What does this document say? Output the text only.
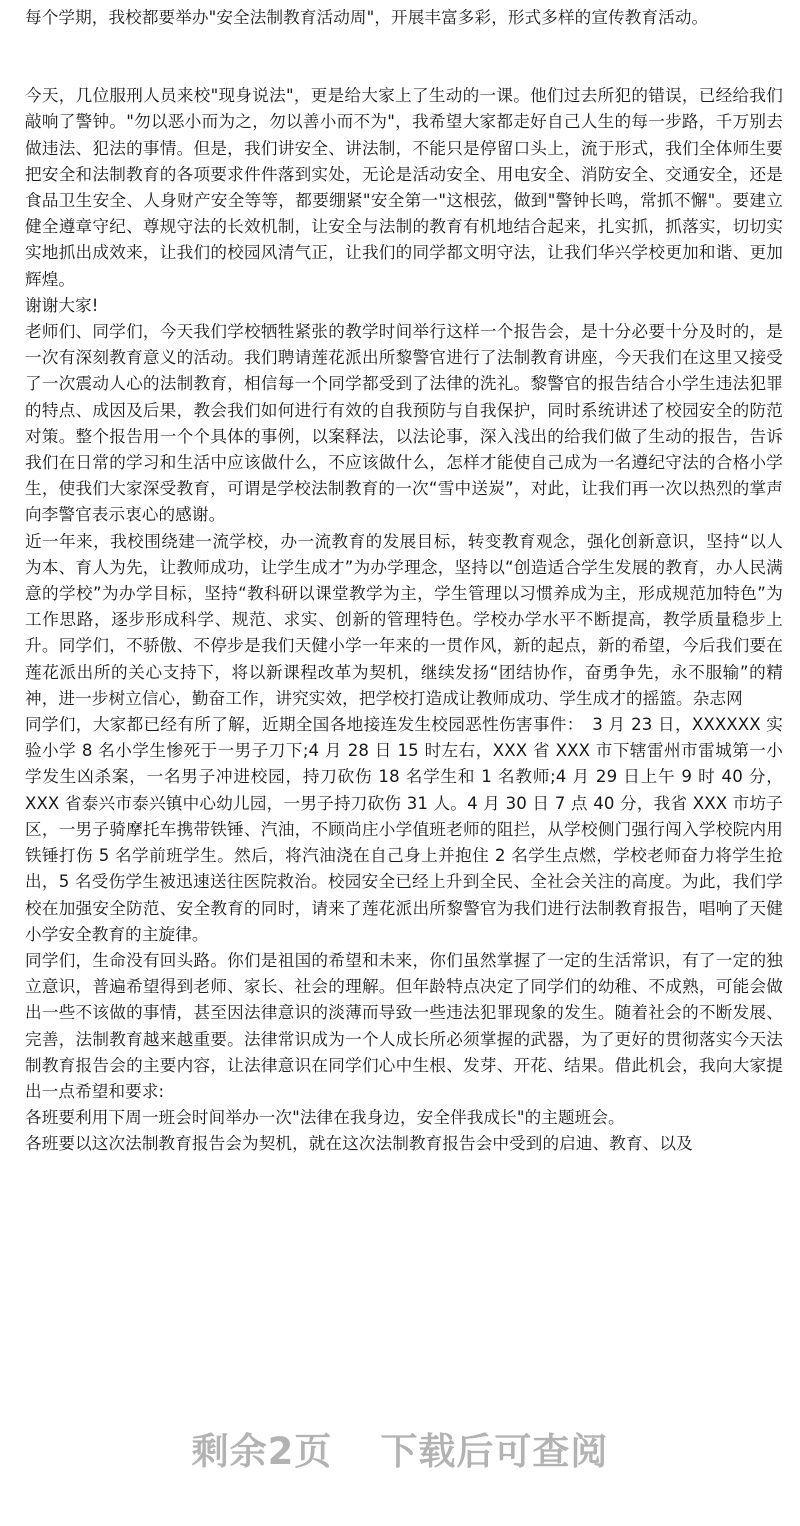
每个学期，我校都要举办"安全法制教育活动周"，开展丰富多彩，形式多样的宣传教育活动。

今天，几位服刑人员来校"现身说法"，更是给大家上了生动的一课。他们过去所犯的错误，已经给我们敲响了警钟。"勿以恶小而为之，勿以善小而不为"，我希望大家都走好自己人生的每一步路，千万别去做违法、犯法的事情。但是，我们讲安全、讲法制，不能只是停留口头上，流于形式，我们全体师生要把安全和法制教育的各项要求件件落到实处，无论是活动安全、用电安全、消防安全、交通安全，还是食品卫生安全、人身财产安全等等，都要绷紧"安全第一"这根弦，做到"警钟长鸣，常抓不懈"。要建立健全遵章守纪、尊规守法的长效机制，让安全与法制的教育有机地结合起来，扎实抓，抓落实，切切实实地抓出成效来，让我们的校园风清气正，让我们的同学都文明守法，让我们华兴学校更加和谐、更加辉煌。

谢谢大家!

老师们、同学们，今天我们学校牺牲紧张的教学时间举行这样一个报告会，是十分必要十分及时的，是一次有深刻教育意义的活动。我们聘请莲花派出所黎警官进行了法制教育讲座，今天我们在这里又接受了一次震动人心的法制教育，相信每一个同学都受到了法律的洗礼。黎警官的报告结合小学生违法犯罪的特点、成因及后果，教会我们如何进行有效的自我预防与自我保护，同时系统讲述了校园安全的防范对策。整个报告用一个个具体的事例，以案释法，以法论事，深入浅出的给我们做了生动的报告，告诉我们在日常的学习和生活中应该做什么，不应该做什么，怎样才能使自己成为一名遵纪守法的合格小学生，使我们大家深受教育，可谓是学校法制教育的一次“雪中送炭”，对此，让我们再一次以热烈的掌声向李警官表示衷心的感谢。

近一年来，我校围绕建一流学校，办一流教育的发展目标，转变教育观念，强化创新意识，坚持“以人为本、育人为先，让教师成功，让学生成才”为办学理念，坚持以“创造适合学生发展的教育，办人民满意的学校”为办学目标，坚持“教科研以课堂教学为主，学生管理以习惯养成为主，形成规范加特色”为工作思路，逐步形成科学、规范、求实、创新的管理特色。学校办学水平不断提高，教学质量稳步上升。同学们，不骄傲、不停步是我们天健小学一年来的一贯作风，新的起点，新的希望，今后我们要在莲花派出所的关心支持下，将以新课程改革为契机，继续发扬“团结协作，奋勇争先，永不服输”的精神，进一步树立信心，勤奋工作，讲究实效，把学校打造成让教师成功、学生成才的摇篮。杂志网

同学们，大家都已经有所了解，近期全国各地接连发生校园恶性伤害事件：　3 月 23 日，XXXXXX 实验小学 8 名小学生惨死于一男子刀下;4 月 28 日 15 时左右，XXX 省 XXX 市下辖雷州市雷城第一小学发生凶杀案，一名男子冲进校园，持刀砍伤 18 名学生和 1 名教师;4 月 29 日上午 9 时 40 分，XXX 省泰兴市泰兴镇中心幼儿园，一男子持刀砍伤 31 人。4 月 30 日 7 点 40 分，我省 XXX 市坊子区，一男子骑摩托车携带铁锤、汽油，不顾尚庄小学值班老师的阻拦，从学校侧门强行闯入学校院内用铁锤打伤 5 名学前班学生。然后，将汽油浇在自己身上并抱住 2 名学生点燃，学校老师奋力将学生抢出，5 名受伤学生被迅速送往医院救治。校园安全已经上升到全民、全社会关注的高度。为此，我们学校在加强安全防范、安全教育的同时，请来了莲花派出所黎警官为我们进行法制教育报告，唱响了天健小学安全教育的主旋律。

同学们，生命没有回头路。你们是祖国的希望和未来，你们虽然掌握了一定的生活常识，有了一定的独立意识，普遍希望得到老师、家长、社会的理解。但年龄特点决定了同学们的幼稚、不成熟，可能会做出一些不该做的事情，甚至因法律意识的淡薄而导致一些违法犯罪现象的发生。随着社会的不断发展、完善，法制教育越来越重要。法律常识成为一个人成长所必须掌握的武器，为了更好的贯彻落实今天法制教育报告会的主要内容，让法律意识在同学们心中生根、发芽、开花、结果。借此机会，我向大家提出一点希望和要求:

各班要利用下周一班会时间举办一次"法律在我身边，安全伴我成长"的主题班会。

各班要以这次法制教育报告会为契机，就在这次法制教育报告会中受到的启迪、教育、以及

剩余2页 下载后可查阅
